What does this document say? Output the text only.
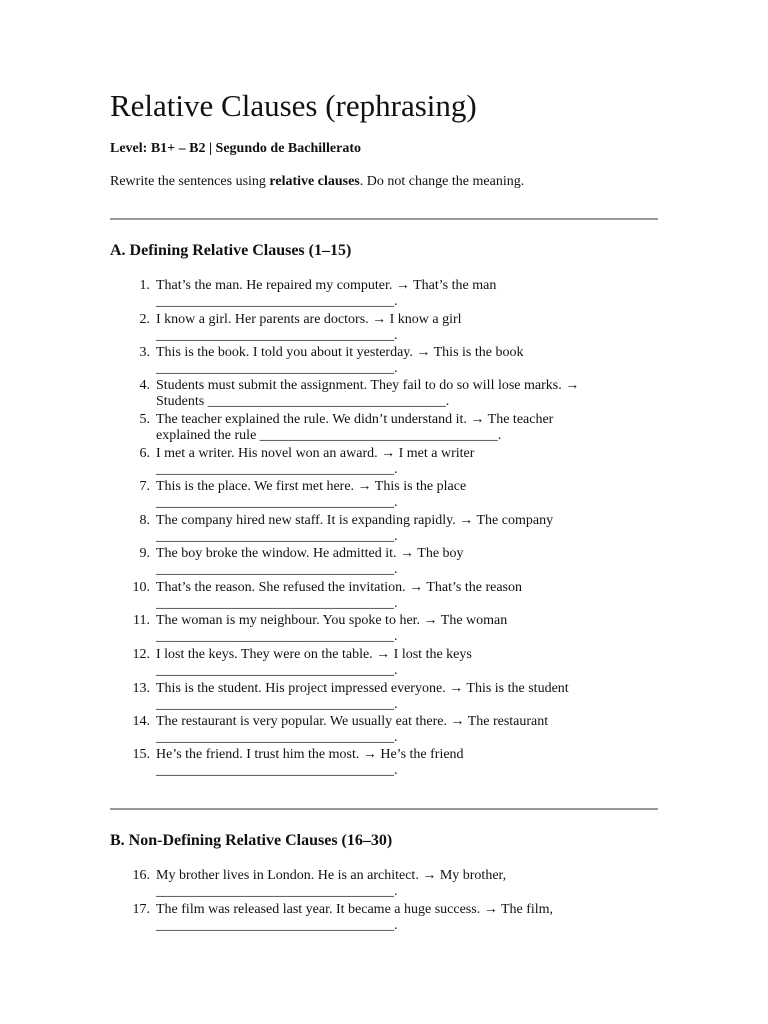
Relative Clauses (rephrasing)
Level: B1+ – B2 | Segundo de Bachillerato
Rewrite the sentences using relative clauses. Do not change the meaning.
A. Defining Relative Clauses (1–15)
1. That’s the man. He repaired my computer. → That’s the man
__________________________________.
2. I know a girl. Her parents are doctors. → I know a girl
__________________________________.
3. This is the book. I told you about it yesterday. → This is the book
__________________________________.
4. Students must submit the assignment. They fail to do so will lose marks. →
Students __________________________________.
5. The teacher explained the rule. We didn’t understand it. → The teacher
explained the rule __________________________________.
6. I met a writer. His novel won an award. → I met a writer
__________________________________.
7. This is the place. We first met here. → This is the place
__________________________________.
8. The company hired new staff. It is expanding rapidly. → The company
__________________________________.
9. The boy broke the window. He admitted it. → The boy
__________________________________.
10. That’s the reason. She refused the invitation. → That’s the reason
__________________________________.
11. The woman is my neighbour. You spoke to her. → The woman
__________________________________.
12. I lost the keys. They were on the table. → I lost the keys
__________________________________.
13. This is the student. His project impressed everyone. → This is the student
__________________________________.
14. The restaurant is very popular. We usually eat there. → The restaurant
__________________________________.
15. He’s the friend. I trust him the most. → He’s the friend
__________________________________.
B. Non-Defining Relative Clauses (16–30)
16. My brother lives in London. He is an architect. → My brother,
__________________________________.
17. The film was released last year. It became a huge success. → The film,
__________________________________.
